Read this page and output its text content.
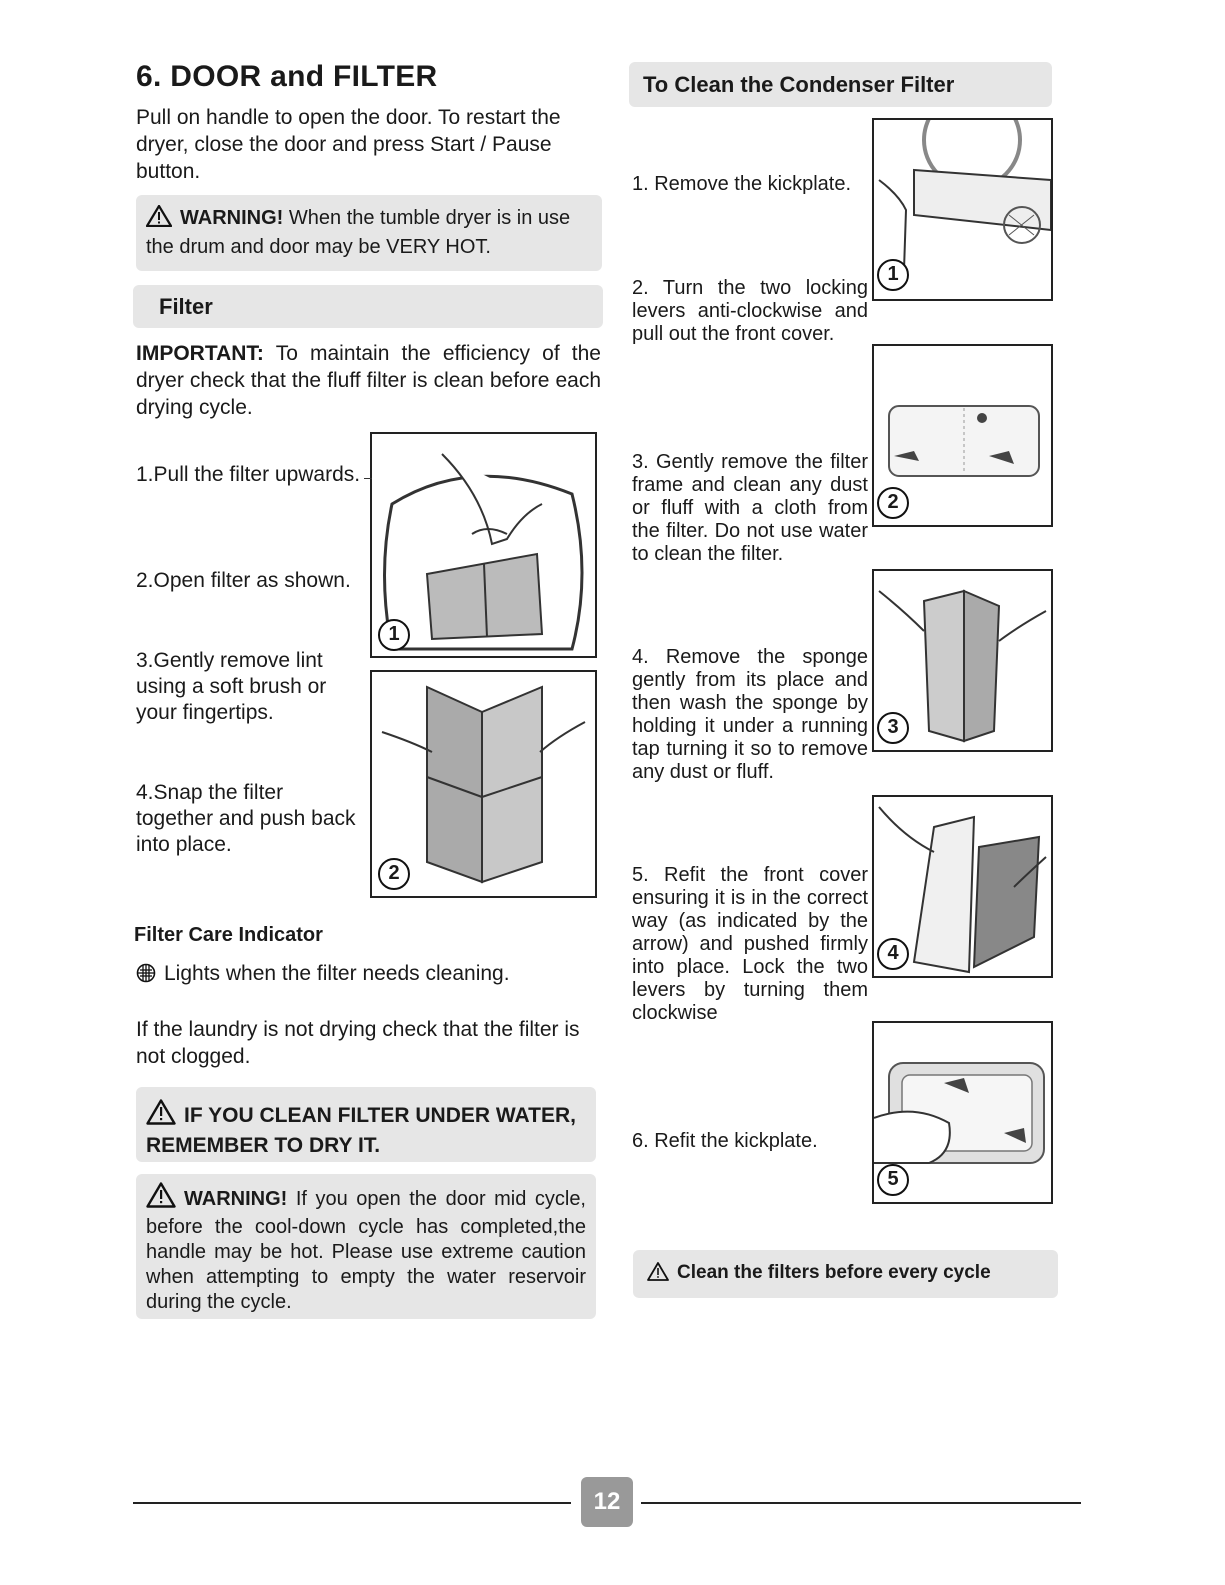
6. DOOR and FILTER
Pull on handle to open the door. To restart the dryer, close the door and press Start / Pause button.
WARNING! When the tumble dryer is in use the drum and door may be VERY HOT.
Filter
IMPORTANT: To maintain the efficiency of the dryer check that the fluff filter is clean before each drying cycle.
1.Pull the filter upwards.
2.Open filter as shown.
3.Gently remove lint using a soft brush or your fingertips.
4.Snap the filter together and push back into place.
1
2
Filter Care Indicator
Lights when the filter needs cleaning.
If the laundry is not drying check that the filter is not clogged.
IF YOU CLEAN FILTER UNDER WATER, REMEMBER TO DRY IT.
WARNING! If you open the door mid cycle, before the cool-down cycle has completed,the handle may be hot. Please use extreme caution when attempting to empty the water reservoir during the cycle.
To Clean the Condenser Filter
1. Remove the kickplate.
2. Turn the two locking levers anti-clockwise and pull out the front cover.
3. Gently remove the filter frame and clean any dust or fluff with a cloth from the filter. Do not use water to clean the filter.
4. Remove the sponge gently from its place and then wash the sponge by holding it under a running tap turning it so to remove any dust or fluff.
5. Refit the front cover ensuring it is in the correct way (as indicated by the arrow) and pushed firmly into place. Lock the two levers by turning them clockwise
6. Refit the kickplate.
1
2
3
4
5
Clean the filters before every cycle
12
